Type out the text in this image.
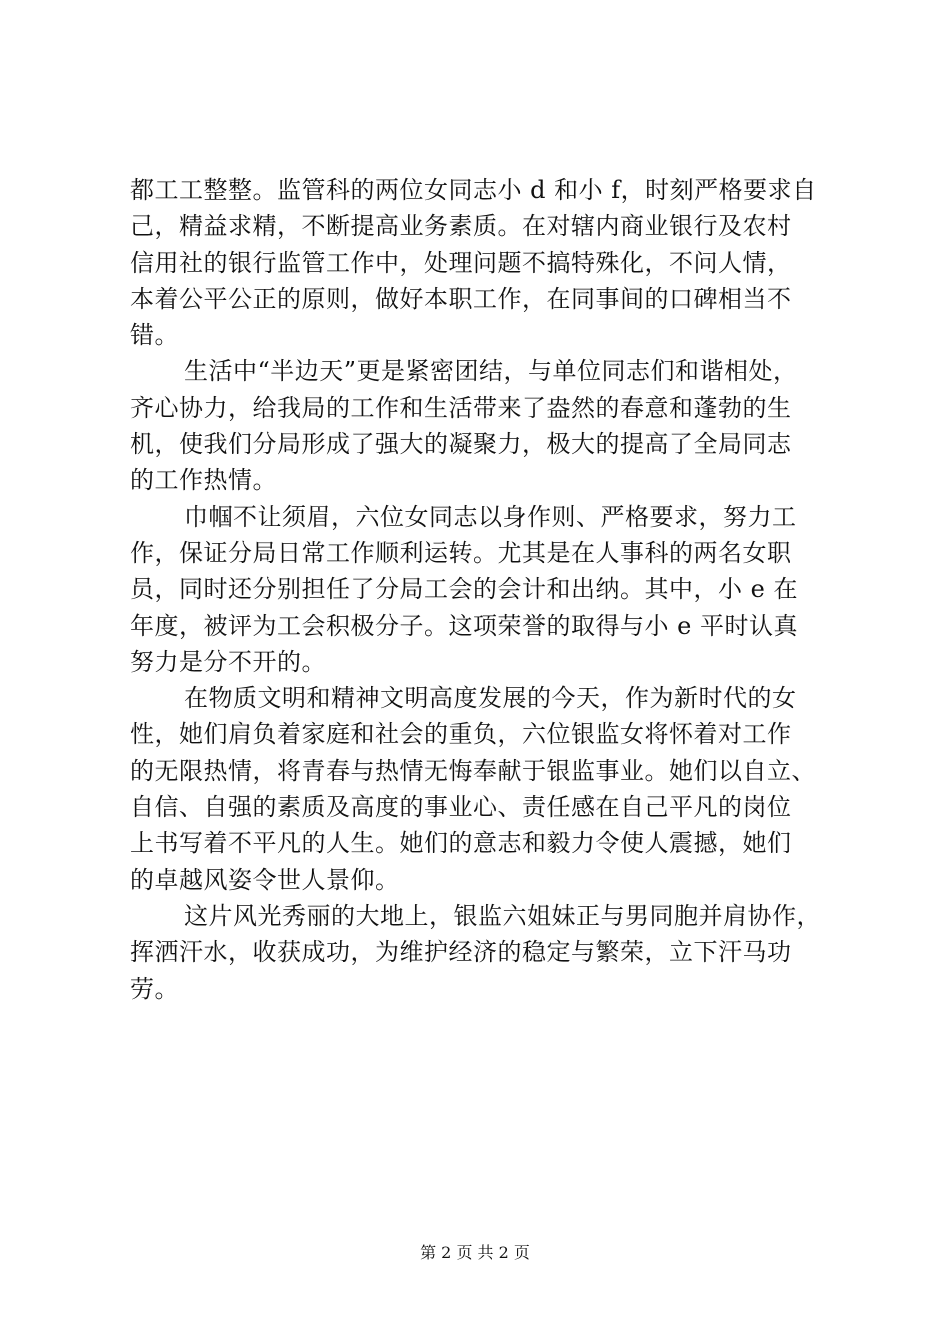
都工工整整。监管科的两位女同志小 d 和小 f，时刻严格要求自
己，精益求精，不断提高业务素质。在对辖内商业银行及农村
信用社的银行监管工作中，处理问题不搞特殊化，不问人情，
本着公平公正的原则，做好本职工作，在同事间的口碑相当不
错。
生活中“半边天”更是紧密团结，与单位同志们和谐相处，
齐心协力，给我局的工作和生活带来了盎然的春意和蓬勃的生
机，使我们分局形成了强大的凝聚力，极大的提高了全局同志
的工作热情。
巾帼不让须眉，六位女同志以身作则、严格要求，努力工
作，保证分局日常工作顺利运转。尤其是在人事科的两名女职
员，同时还分别担任了分局工会的会计和出纳。其中，小 e 在
年度，被评为工会积极分子。这项荣誉的取得与小 e 平时认真
努力是分不开的。
在物质文明和精神文明高度发展的今天，作为新时代的女
性，她们肩负着家庭和社会的重负，六位银监女将怀着对工作
的无限热情，将青春与热情无悔奉献于银监事业。她们以自立、
自信、自强的素质及高度的事业心、责任感在自己平凡的岗位
上书写着不平凡的人生。她们的意志和毅力令使人震撼，她们
的卓越风姿令世人景仰。
这片风光秀丽的大地上，银监六姐妹正与男同胞并肩协作，
挥洒汗水，收获成功，为维护经济的稳定与繁荣，立下汗马功
劳。
第 2 页 共 2 页
